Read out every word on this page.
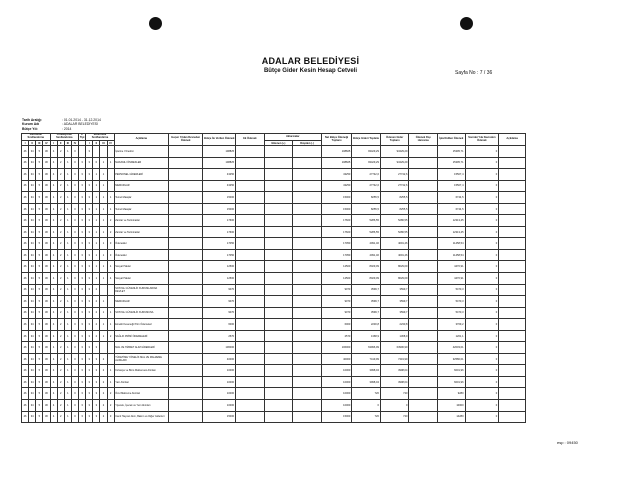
ADALAR BELEDİYESİ
Bütçe Gider Kesin Hesap Cetveli	Sayfa No : 7 / 36
Tarih Aralığı	: 01.01.2014 - 31.12.2014
Kurum Adı	: ADALAR BELEDİYESİ
Bütçe Yılı	: 2014
Kurumsal Sınıflandırma				Fonksiyonel Sınıflandırma				F. Tipi	Ekonomik Sınıflandırma				Açıklama	Geçen Yıldan Devreden Ödenek	Bütçe İle Verilen Ödenek	Ek Ödenek	Aktarmalar		Net Bütçe Ödeneği Toplamı	Bütçe Gideri Toplamı	Ödenen Gider Toplamı	Ödenek Dışı Harcama	İptal Edilen Ödenek	Sonraki Yıla Devreden Ödenek	Açıklama
I	II	III	IV	I	II	III	IV		I	II	III	IV					Eklenen (+)	Düşülen (-)							
46	34	5	30	4	2	1	0		3				İşletme Yönetimi		108825				108825	93429,29	93429,29		15395,71	0	
46	34	5	30	4	2	1	0	3	3	0	1	1	MAKAMLI ÖNMEKLER		108825				108825	93429,29	93429,29		15395,71	0	
46	34	5	30	4	2	1	0	3	3	1	1		PERSONEL GİDERLERİ		43250				43250	27742,6	27742,6		15507,4	0	
46	34	5	30	4	2	1	0	3	3	1	1		MEMURLAR		43250				43250	27742,6	27742,6		15507,4	0	
46	34	5	30	4	2	1	0	3	3	1	1	1	Temel Maaşlar		15000				15000	8255,5	8255,5		6744,5	0	
46	34	5	30	4	2	1	0	3	3	1	1	1	Temel Maaşlar		15000				15000	8255,5	8255,5		6744,5	0	
46	34	5	30	4	2	1	0	3	3	1	1	2	Zamlar ve Tazminatlar		17600				17600	5286,55	5286,55		12313,45	0	
46	34	5	30	4	2	1	0	3	3	1	1	2	Zamlar ve Tazminatlar		17600				17600	5286,55	5286,55		12313,45	0	
46	34	5	30	4	2	1	0	3	3	1	1	3	Ödenekler		17050				17050	4091,46	4091,46		11458,54	0	
46	34	5	30	4	2	1	0	3	3	1	1	3	Ödenekler		17050				17050	4091,46	4091,46		11458,54	0	
46	34	5	30	4	2	1	0	3	3	1	1	4	Sosyal Haklar		12500				12500	8029,09	8029,09		4470,91	0	
46	34	5	30	4	2	1	0	3	3	1	1	4	Sosyal Haklar		12500				12500	8029,09	8029,09		4470,91	0	
46	34	5	30	4	2	1	0	3	3	2			SOSYAL GÜVENLİK KURUMLARINA DEVLET		9070				9070	3599,7	3599,7		5470,3	0	
46	34	5	30	4	2	1	0	3	3	2	1		MEMURLAR		9070				9070	3599,7	3599,7		5470,3	0	
46	34	5	30	4	2	1	0	3	3	2	1	1	SOSYAL GÜVENLİK KURUMUNA		9070				9070	3599,7	3599,7		5470,3	0	
46	34	5	30	4	2	1	0	3	3	2	1	1	Emekli Keseneği Prim Ödemeleri		6000				6000	2230,8	2230,8		3769,2	0	
46	34	5	30	4	2	1	0	3	3	2	1	2	SAĞLIK PRİMİ ÖDEMELERİ		2570				2570	1368,9	1368,9		1201,1	0	
46	34	5	30	4	2	1	0	3	3	3			MAL VE HİZMET ALIM GİDERLERİ		106000				106000	63996,99	63996,99		42003,01	0	
46	34	5	30	4	2	1	0	3	3	3	2		TÜKETİME YÖNELİK MAL VE MALZEME ALIMLARI		40000				40000	7419,99	7419,99		32580,01	0	
46	34	5	30	4	2	1	0	3	3	3	2	1	Kırtasiye ve Büro Malzemesi Alımları		10000				10000	3998,04	3998,04		6001,96	0	
46	34	5	30	4	2	1	0	3	3	3	2	1	Yazı Alımları		10000				10000	3998,04	3998,04		6001,96	0	
46	34	5	30	4	2	1	0	3	3	3	2	2	Özel Malzeme Alımları		10000				10000	720	720		9280	0	
46	34	5	30	4	2	1	0	3	3	3	2	2	Yiyecek, İçecek ve Yem Alımları		10000				10000	0	0		10000	0	
46	34	5	30	4	2	1	0	3	3	3	2	3	Canlı Hayvan Alım, Bakım ve Diğer Giderleri		15000				15000	720	720		14280	0	
esp : 09450
